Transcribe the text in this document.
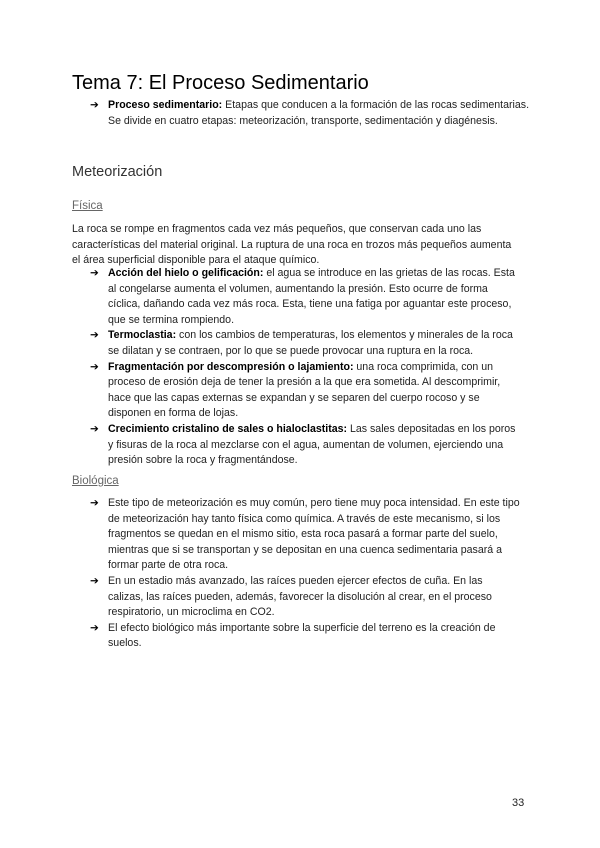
Tema 7: El Proceso Sedimentario
➔ Proceso sedimentario: Etapas que conducen a la formación de las rocas sedimentarias. Se divide en cuatro etapas: meteorización, transporte, sedimentación y diagénesis.
Meteorización
Física

La roca se rompe en fragmentos cada vez más pequeños, que conservan cada uno las características del material original. La ruptura de una roca en trozos más pequeños aumenta el área superficial disponible para el ataque químico.

➔ Acción del hielo o gelificación: el agua se introduce en las grietas de las rocas. Esta al congelarse aumenta el volumen, aumentando la presión. Esto ocurre de forma cíclica, dañando cada vez más roca. Esta, tiene una fatiga por aguantar este proceso, que se termina rompiendo.
➔ Termoclastia: con los cambios de temperaturas, los elementos y minerales de la roca se dilatan y se contraen, por lo que se puede provocar una ruptura en la roca.
➔ Fragmentación por descompresión o lajamiento: una roca comprimida, con un proceso de erosión deja de tener la presión a la que era sometida. Al descomprimir, hace que las capas externas se expandan y se separen del cuerpo rocoso y se disponen en forma de lojas.
➔ Crecimiento cristalino de sales o hialoclastitas: Las sales depositadas en los poros y fisuras de la roca al mezclarse con el agua, aumentan de volumen, ejerciendo una presión sobre la roca y fragmentándose.
Biológica
➔ Este tipo de meteorización es muy común, pero tiene muy poca intensidad. En este tipo de meteorización hay tanto física como química. A través de este mecanismo, si los fragmentos se quedan en el mismo sitio, esta roca pasará a formar parte del suelo, mientras que si se transportan y se depositan en una cuenca sedimentaria pasará a formar parte de otra roca.
➔ En un estadio más avanzado, las raíces pueden ejercer efectos de cuña. En las calizas, las raíces pueden, además, favorecer la disolución al crear, en el proceso respiratorio, un microclima en CO2.
➔ El efecto biológico más importante sobre la superficie del terreno es la creación de suelos.
33
